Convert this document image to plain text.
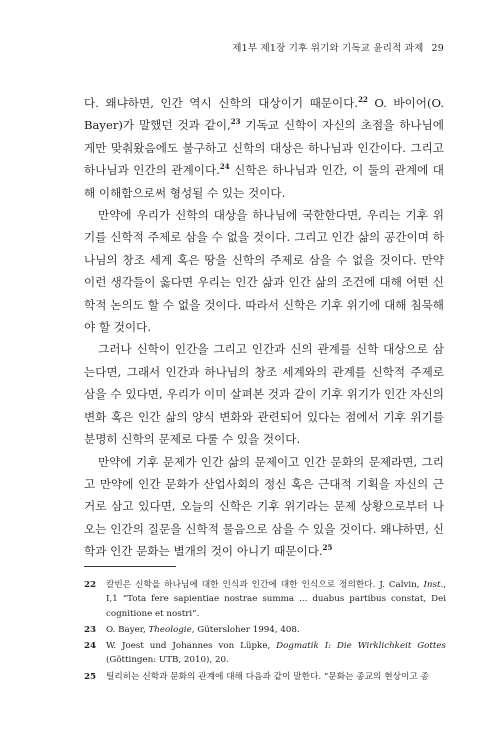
제1부 제1장 기후 위기와 기독교 윤리적 과제 29

다. 왜냐하면, 인간 역시 신학의 대상이기 때문이다.$^{22}$ O. 바이어(O. Bayer)가 말했던 것과 같이,$^{23}$ 기독교 신학이 자신의 초점을 하나님에게만 맞춰왔음에도 불구하고 신학의 대상은 하나님과 인간이다. 그리고 하나님과 인간의 관계이다.$^{24}$ 신학은 하나님과 인간, 이 둘의 관계에 대해 이해함으로써 형성될 수 있는 것이다.

만약에 우리가 신학의 대상을 하나님에 국한한다면, 우리는 기후 위기를 신학적 주제로 삼을 수 없을 것이다. 그리고 인간 삶의 공간이며 하나님의 창조 세계 혹은 땅을 신학의 주제로 삼을 수 없을 것이다. 만약 이런 생각들이 옳다면 우리는 인간 삶과 인간 삶의 조건에 대해 어떤 신학적 논의도 할 수 없을 것이다. 따라서 신학은 기후 위기에 대해 침묵해야 할 것이다.

그러나 신학이 인간을 그리고 인간과 신의 관계를 신학 대상으로 삼는다면, 그래서 인간과 하나님의 창조 세계와의 관계를 신학적 주제로 삼을 수 있다면, 우리가 이미 살펴본 것과 같이 기후 위기가 인간 자신의 변화 혹은 인간 삶의 양식 변화와 관련되어 있다는 점에서 기후 위기를 분명히 신학의 문제로 다룰 수 있을 것이다.

만약에 기후 문제가 인간 삶의 문제이고 인간 문화의 문제라면, 그리고 만약에 인간 문화가 산업사회의 정신 혹은 근대적 기획을 자신의 근거로 삼고 있다면, 오늘의 신학은 기후 위기라는 문제 상황으로부터 나오는 인간의 질문을 신학적 물음으로 삼을 수 있을 것이다. 왜냐하면, 신학과 인간 문화는 별개의 것이 아니기 때문이다.$^{25}$

22	칼빈은 신학을 하나님에 대한 인식과 인간에 대한 인식으로 정의한다. J. Calvin, Inst., I,1 “Tota fere sapientiae nostrae summa ... duabus partibus constat, Dei cognitione et nostri”.
23	O. Bayer, Theologie, Gütersloher 1994, 408.
24	W. Joest und Johannes von Lüpke, Dogmatik I: Die Wirklichkeit Gottes (Göttingen: UTB, 2010), 20.
25	틸리히는 신학과 문화의 관계에 대해 다음과 같이 말한다. “문화는 종교의 현상이고 종
